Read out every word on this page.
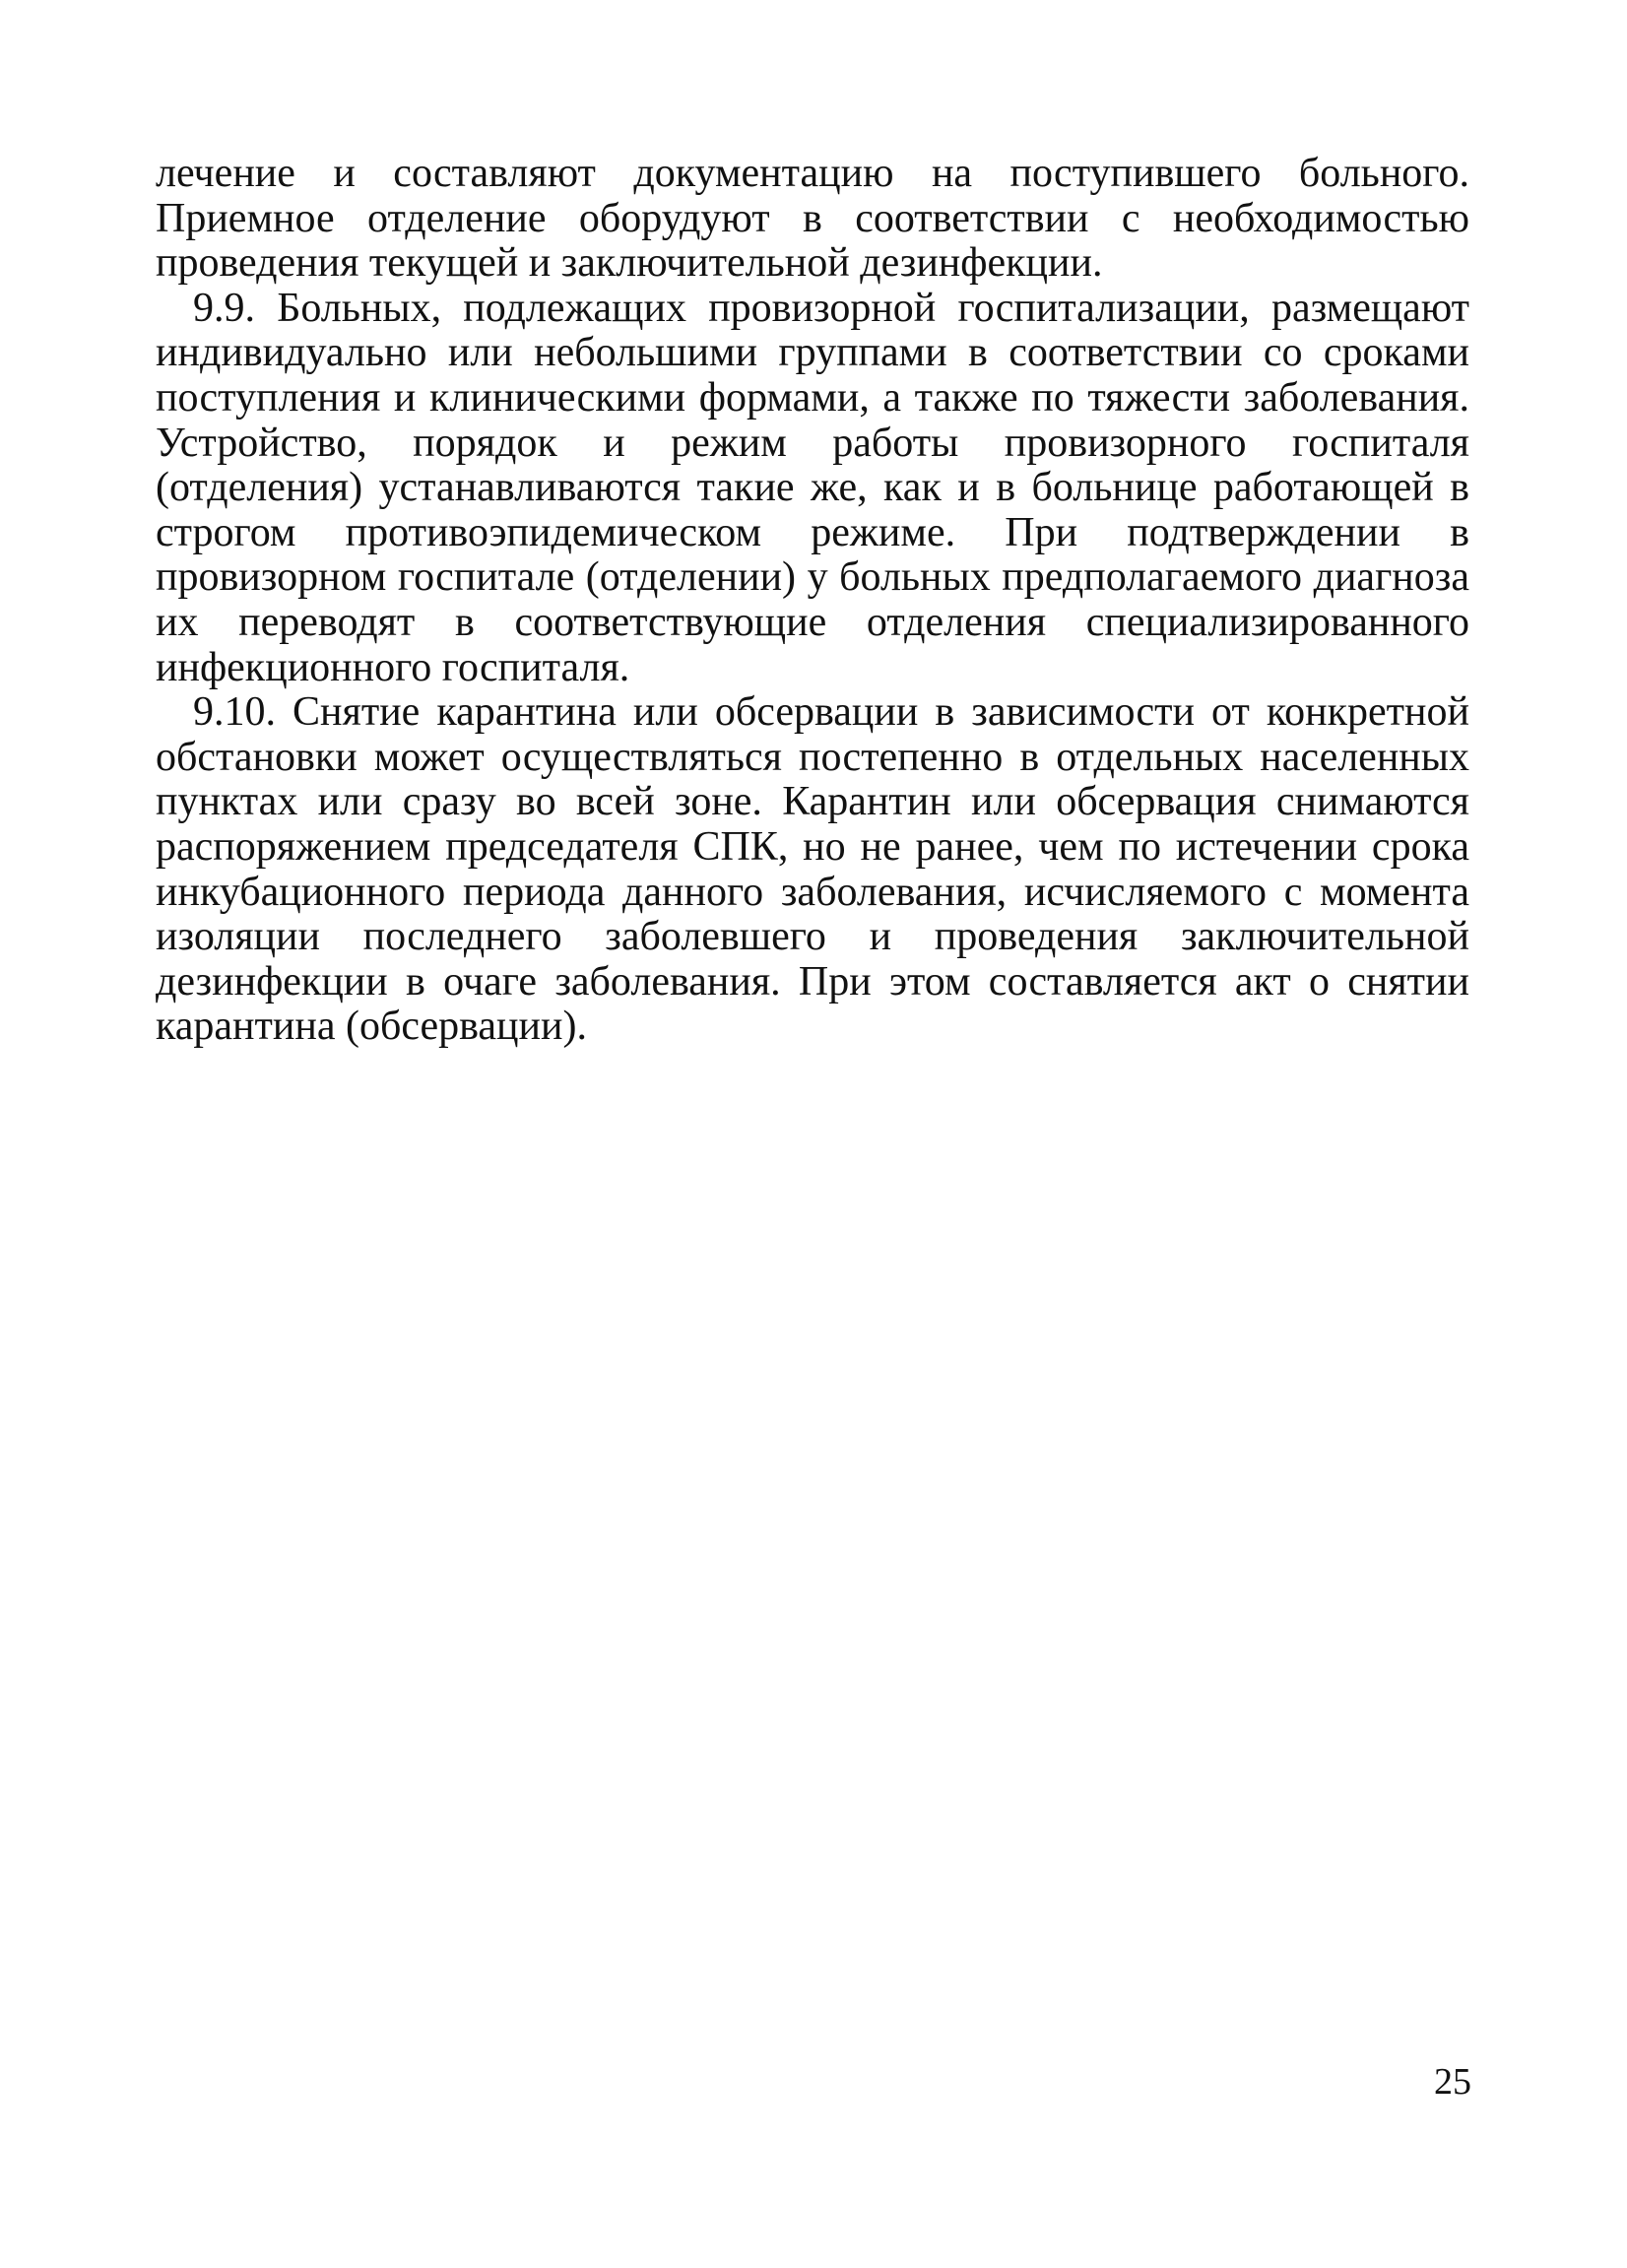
лечение и составляют документацию на поступившего больного. Приемное отделение оборудуют в соответствии с необходимостью проведения текущей и заключительной дезинфекции.

9.9. Больных, подлежащих провизорной госпитализации, размещают индивидуально или небольшими группами в соответствии со сроками поступления и клиническими формами, а также по тяжести заболевания. Устройство, порядок и режим работы провизорного госпиталя (отделения) устанавливаются такие же, как и в больнице работающей в строгом противоэпидемическом режиме. При подтверждении в провизорном госпитале (отделении) у больных предполагаемого диагноза их переводят в соответствующие отделения специализированного инфекционного госпиталя.

9.10. Снятие карантина или обсервации в зависимости от конкретной обстановки может осуществляться постепенно в отдельных населенных пунктах или сразу во всей зоне. Карантин или обсервация снимаются распоряжением председателя СПК, но не ранее, чем по истечении срока инкубационного периода данного заболевания, исчисляемого с момента изоляции последнего заболевшего и проведения заключительной дезинфекции в очаге заболевания. При этом составляется акт о снятии карантина (обсервации).

25
